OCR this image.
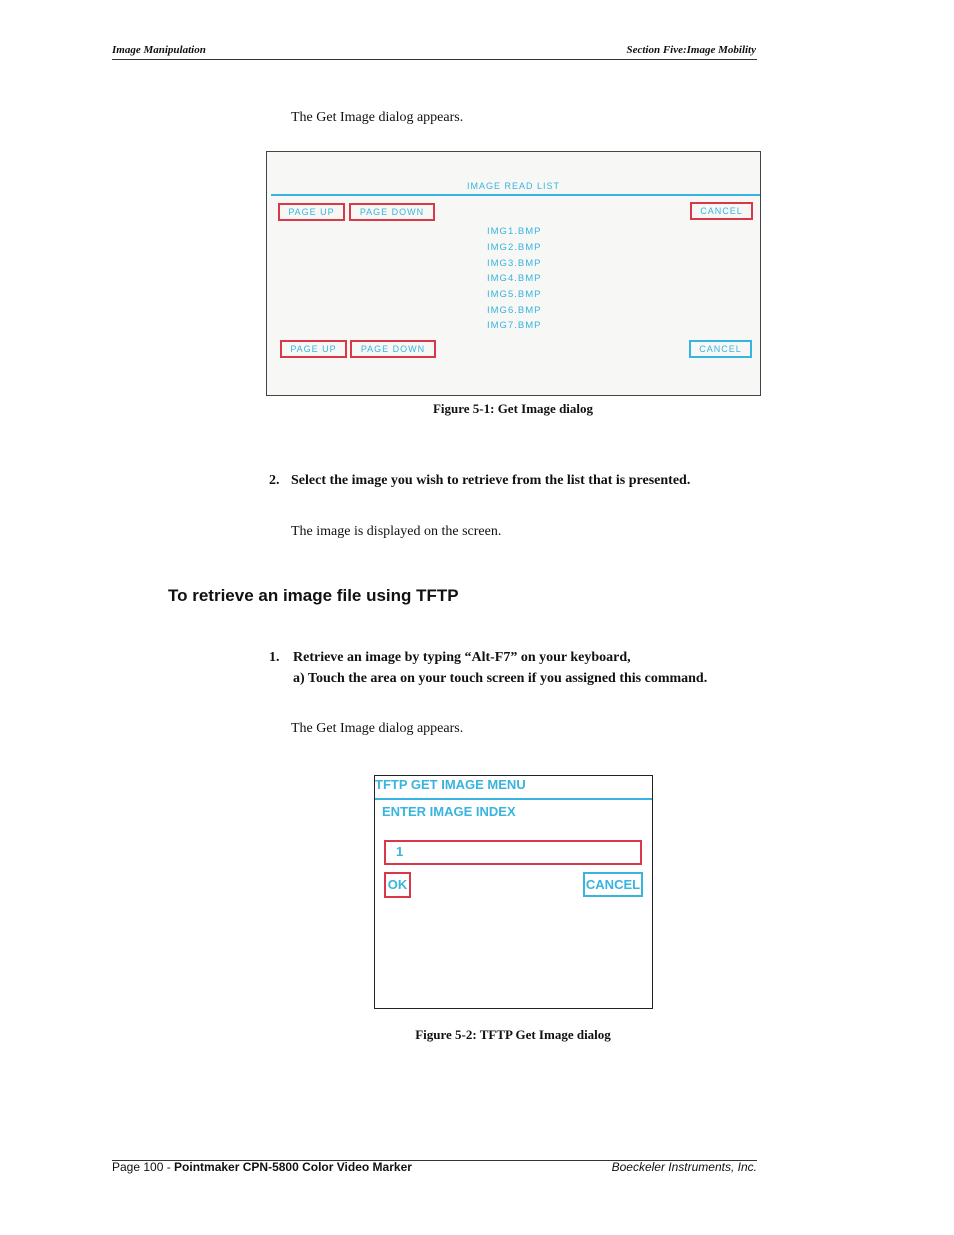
Image Manipulation	Section Five:Image Mobility
The Get Image dialog appears.
IMAGE READ LIST
PAGE UP	PAGE DOWN	CANCEL
IMG1.BMP
IMG2.BMP
IMG3.BMP
IMG4.BMP
IMG5.BMP
IMG6.BMP
IMG7.BMP
PAGE UP	PAGE DOWN	CANCEL
Figure 5-1: Get Image dialog
2. Select the image you wish to retrieve from the list that is presented.
The image is displayed on the screen.
To retrieve an image file using TFTP
1. Retrieve an image by typing “Alt-F7” on your keyboard,
a) Touch the area on your touch screen if you assigned this command.
The Get Image dialog appears.
TFTP GET IMAGE MENU
ENTER IMAGE INDEX
1
OK	CANCEL
Figure 5-2: TFTP Get Image dialog
Page 100 - Pointmaker CPN-5800 Color Video Marker	Boeckeler Instruments, Inc.
